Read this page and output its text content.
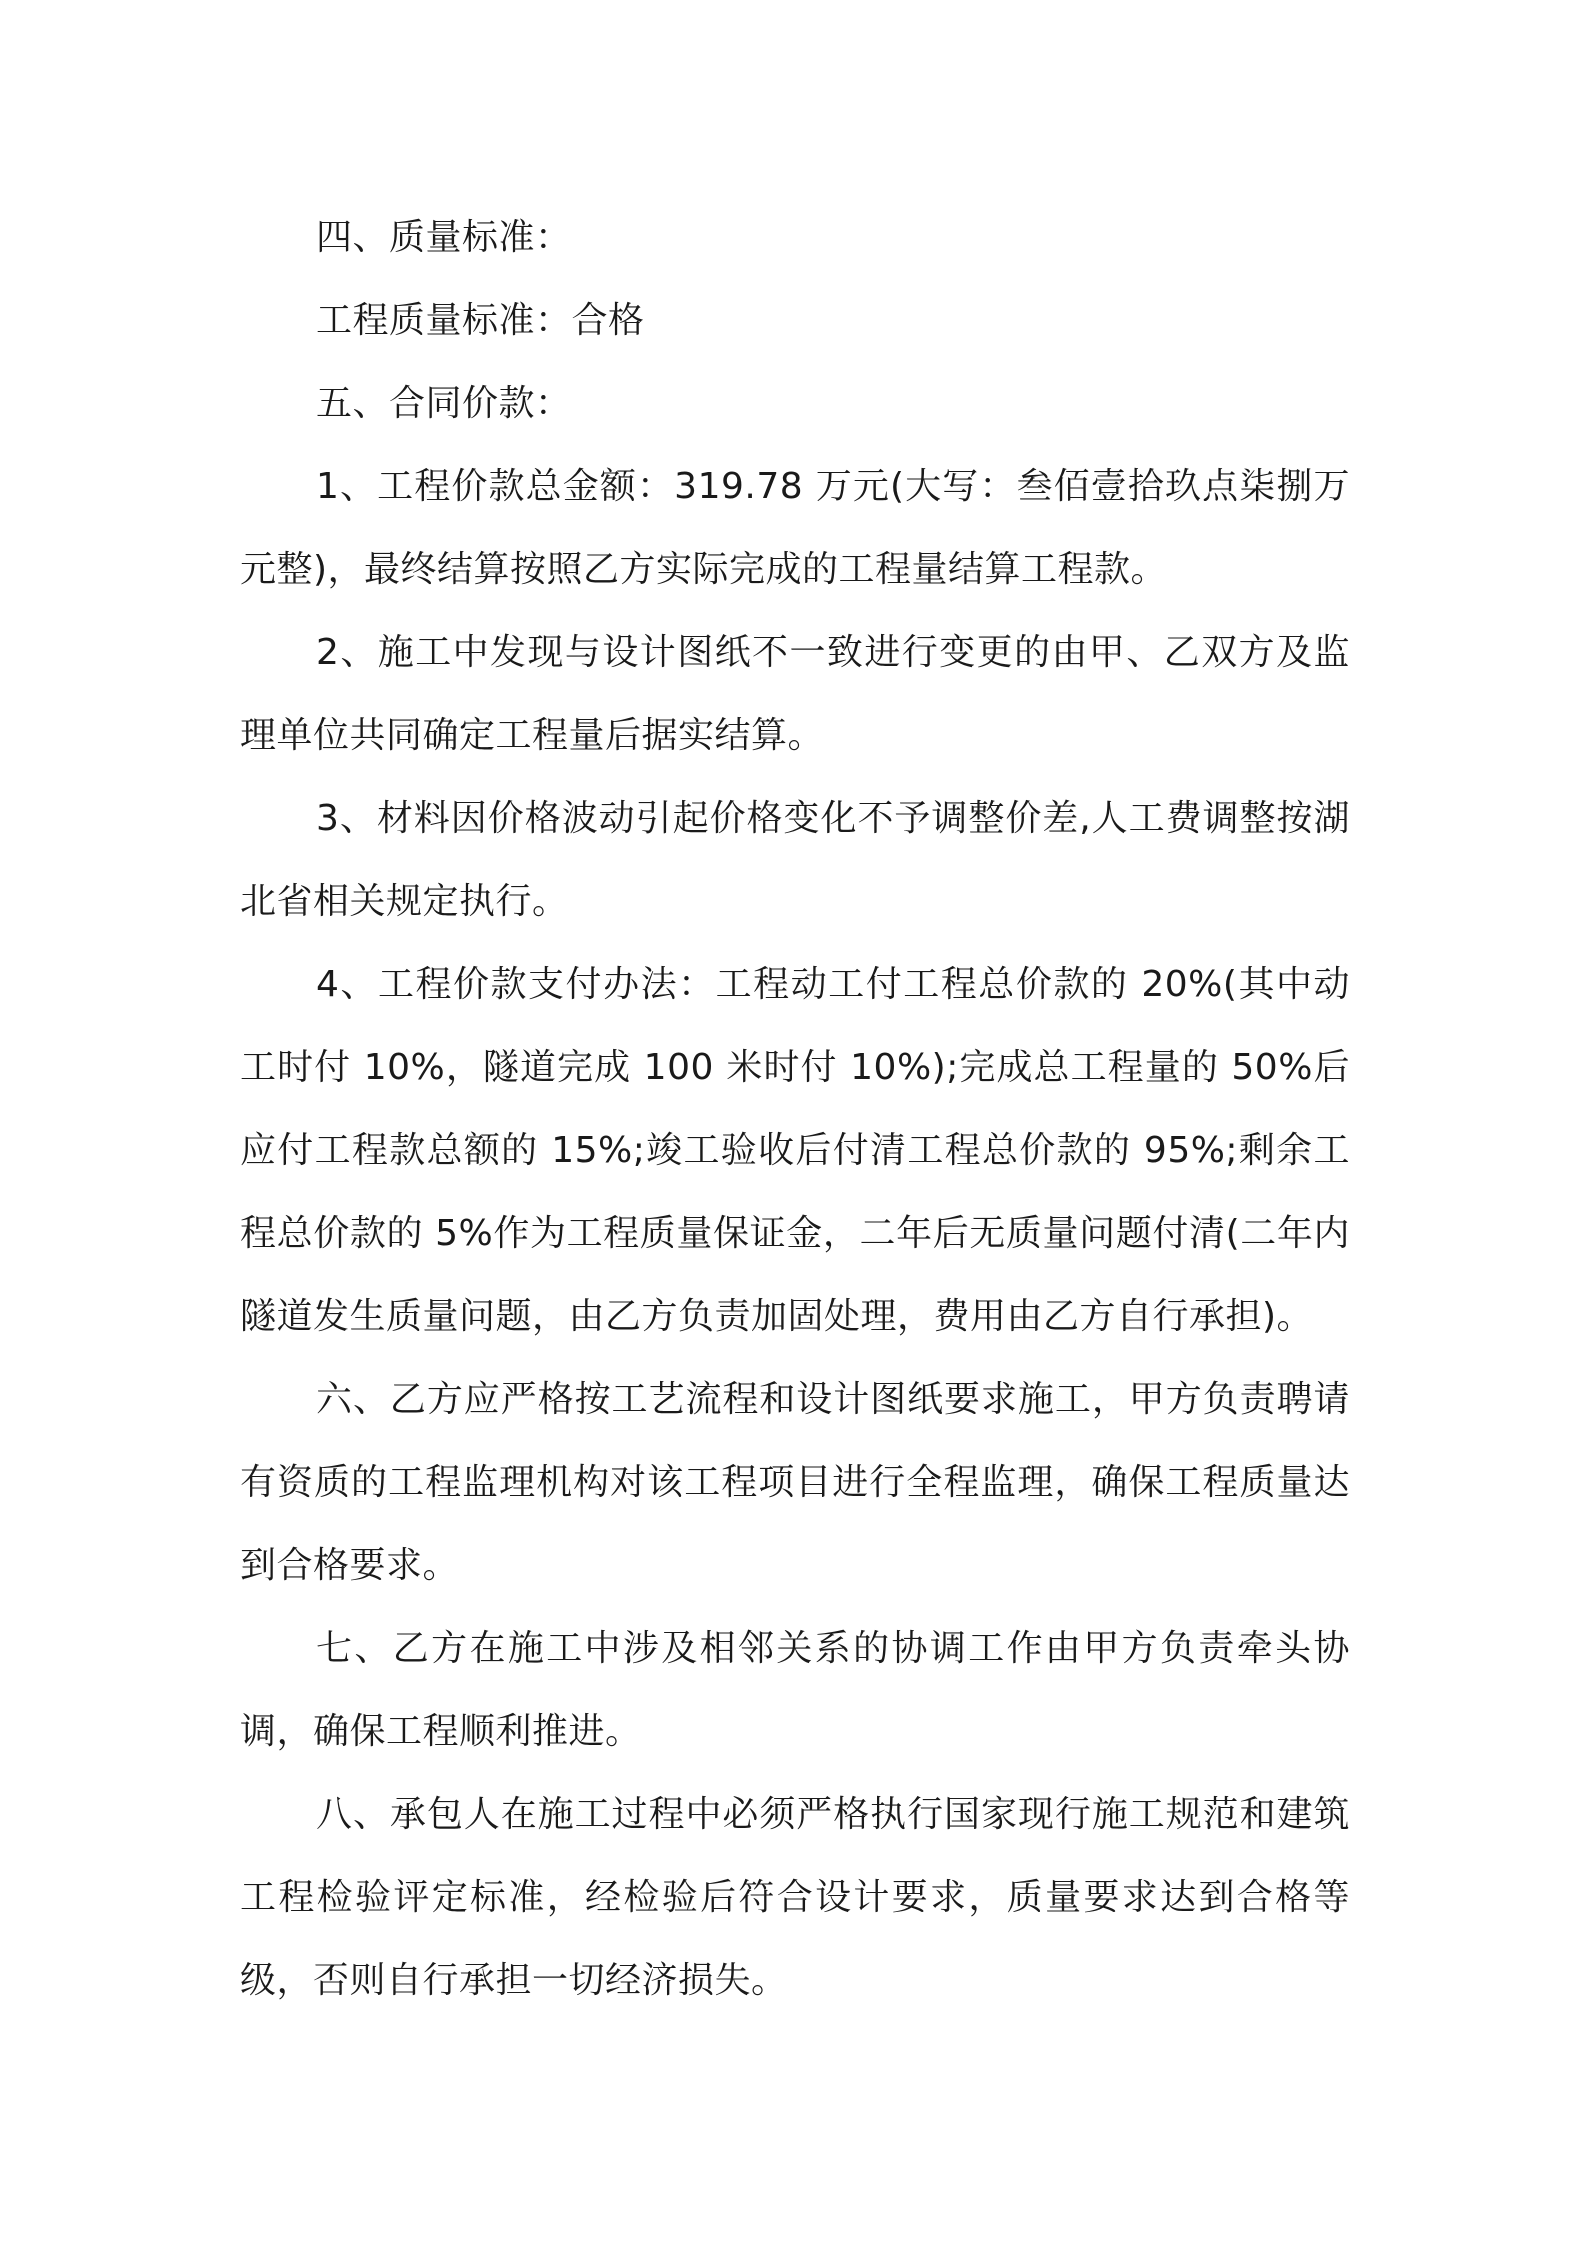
四、质量标准：

工程质量标准：合格

五、合同价款：

1、工程价款总金额：319.78 万元(大写：叁佰壹拾玖点柒捌万元整)，最终结算按照乙方实际完成的工程量结算工程款。

2、施工中发现与设计图纸不一致进行变更的由甲、乙双方及监理单位共同确定工程量后据实结算。

3、材料因价格波动引起价格变化不予调整价差,人工费调整按湖北省相关规定执行。

4、工程价款支付办法：工程动工付工程总价款的 20%(其中动工时付 10%，隧道完成 100 米时付 10%);完成总工程量的 50%后应付工程款总额的 15%;竣工验收后付清工程总价款的 95%;剩余工程总价款的 5%作为工程质量保证金，二年后无质量问题付清(二年内隧道发生质量问题，由乙方负责加固处理，费用由乙方自行承担)。

六、乙方应严格按工艺流程和设计图纸要求施工，甲方负责聘请有资质的工程监理机构对该工程项目进行全程监理，确保工程质量达到合格要求。

七、乙方在施工中涉及相邻关系的协调工作由甲方负责牵头协调，确保工程顺利推进。

八、承包人在施工过程中必须严格执行国家现行施工规范和建筑工程检验评定标准，经检验后符合设计要求，质量要求达到合格等级，否则自行承担一切经济损失。
